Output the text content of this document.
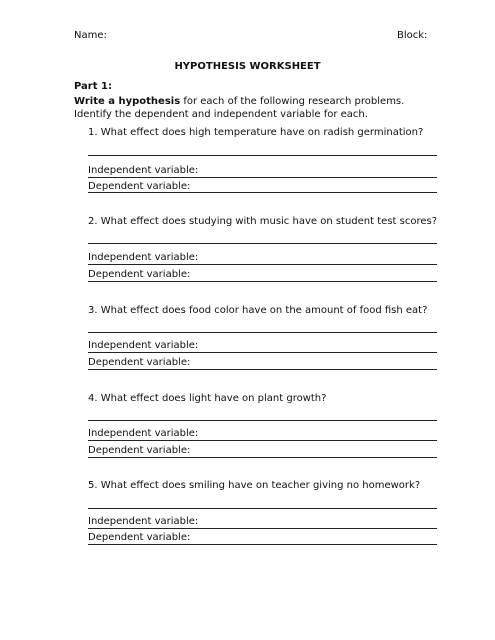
Name:	Block:
HYPOTHESIS WORKSHEET
Part 1:
Write a hypothesis for each of the following research problems. Identify the dependent and independent variable for each.
1. What effect does high temperature have on radish germination?
Independent variable:
Dependent variable:
2. What effect does studying with music have on student test scores?
Independent variable:
Dependent variable:
3. What effect does food color have on the amount of food fish eat?
Independent variable:
Dependent variable:
4. What effect does light have on plant growth?
Independent variable:
Dependent variable:
5. What effect does smiling have on teacher giving no homework?
Independent variable:
Dependent variable:
